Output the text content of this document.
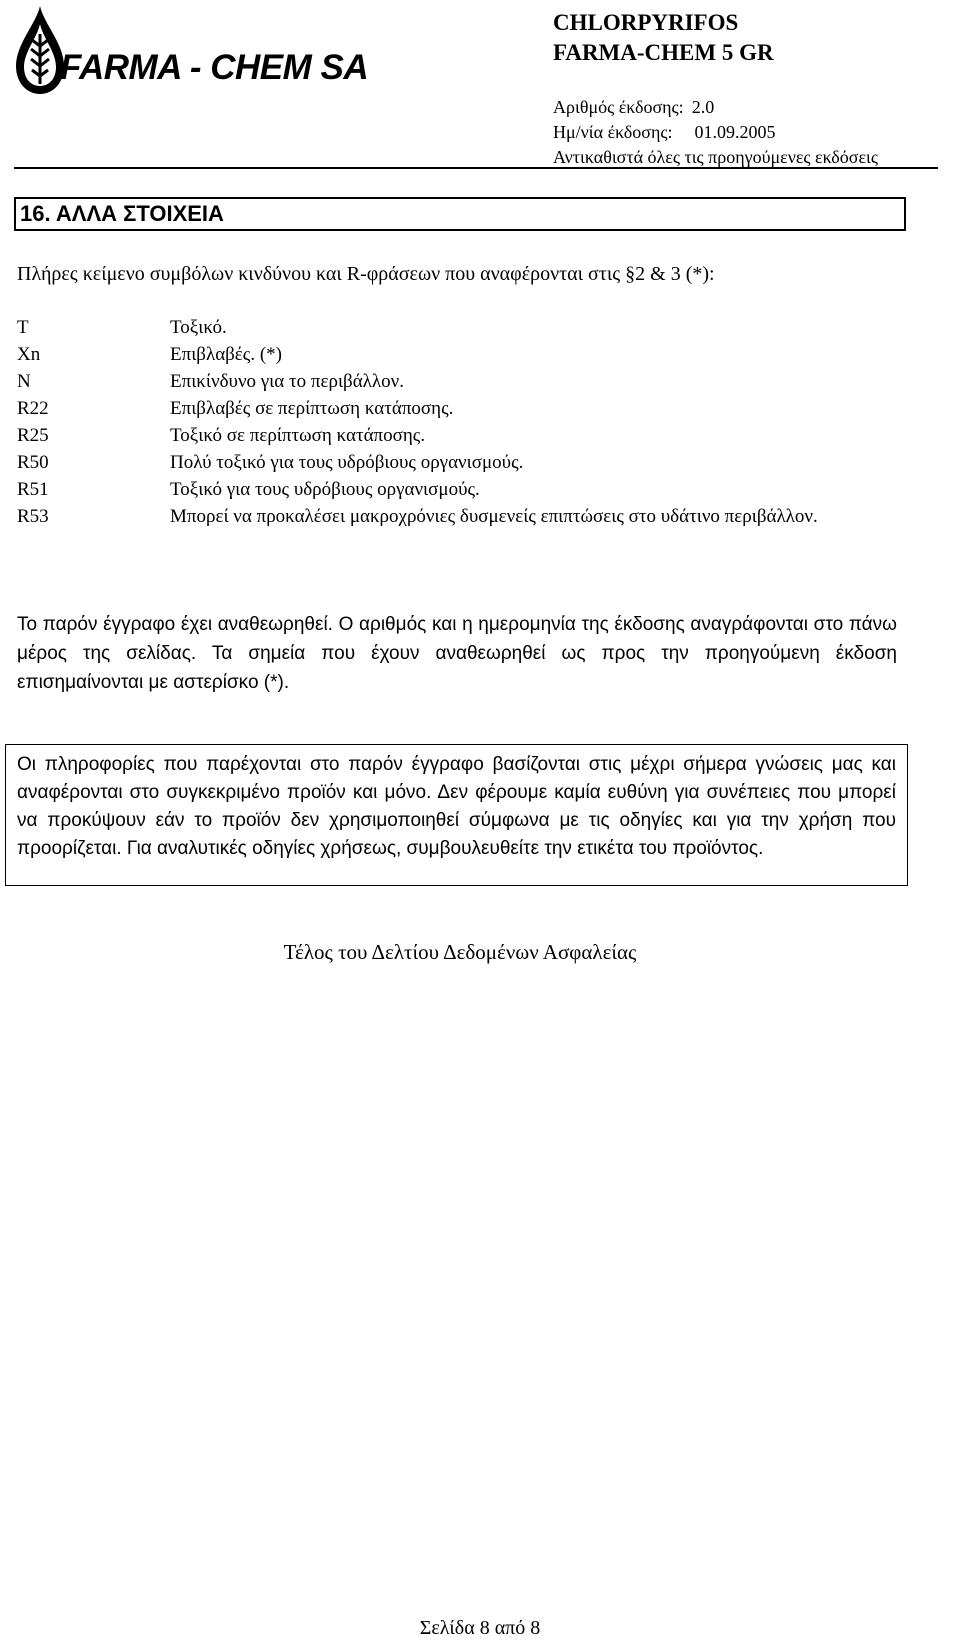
FARMA - CHEM SA
CHLORPYRIFOS
FARMA-CHEM 5 GR
Αριθμός έκδοσης: 2.0
Ημ/νία έκδοσης: 01.09.2005
Αντικαθιστά όλες τις προηγούμενες εκδόσεις
16. ΑΛΛΑ ΣΤΟΙΧΕΙΑ
Πλήρες κείμενο συμβόλων κινδύνου και R-φράσεων που αναφέρονται στις §2 & 3 (*):
T	Τοξικό.
Xn	Επιβλαβές. (*)
N	Επικίνδυνο για το περιβάλλον.
R22	Επιβλαβές σε περίπτωση κατάποσης.
R25	Τοξικό σε περίπτωση κατάποσης.
R50	Πολύ τοξικό για τους υδρόβιους οργανισμούς.
R51	Τοξικό για τους υδρόβιους οργανισμούς.
R53	Μπορεί να προκαλέσει μακροχρόνιες δυσμενείς επιπτώσεις στο υδάτινο περιβάλλον.
Το παρόν έγγραφο έχει αναθεωρηθεί. Ο αριθμός και η ημερομηνία της έκδοσης αναγράφονται στο πάνω μέρος της σελίδας. Τα σημεία που έχουν αναθεωρηθεί ως προς την προηγούμενη έκδοση επισημαίνονται με αστερίσκο (*).
Οι πληροφορίες που παρέχονται στο παρόν έγγραφο βασίζονται στις μέχρι σήμερα γνώσεις μας και αναφέρονται στο συγκεκριμένο προϊόν και μόνο. Δεν φέρουμε καμία ευθύνη για συνέπειες που μπορεί να προκύψουν εάν το προϊόν δεν χρησιμοποιηθεί σύμφωνα με τις οδηγίες και για την χρήση που προορίζεται. Για αναλυτικές οδηγίες χρήσεως, συμβουλευθείτε την ετικέτα του προϊόντος.
Τέλος του Δελτίου Δεδομένων Ασφαλείας
Σελίδα 8 από 8
